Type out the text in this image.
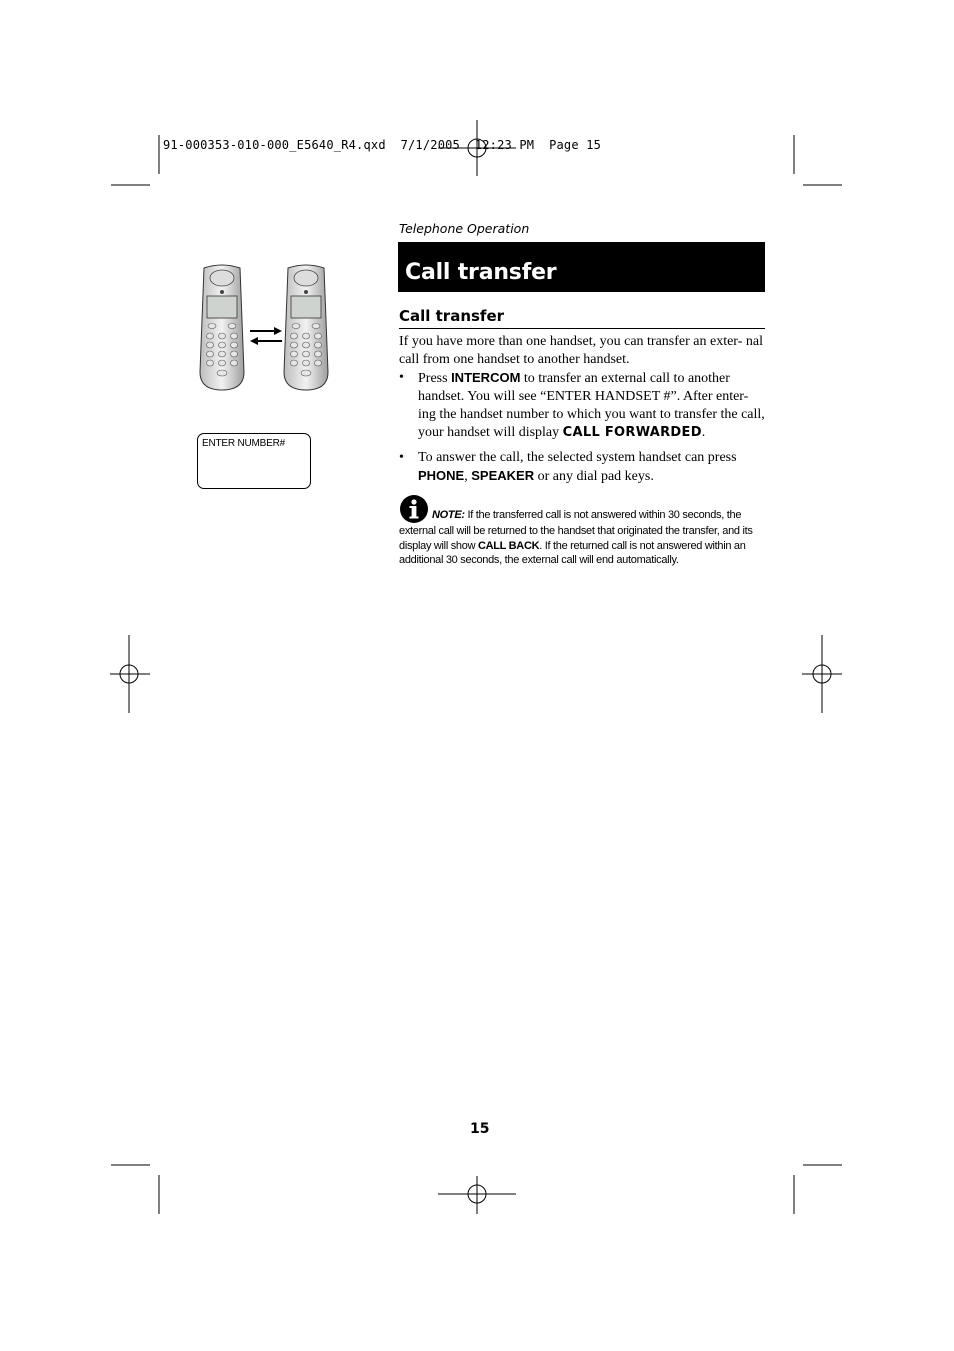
91-000353-010-000_E5640_R4.qxd  7/1/2005  12:23 PM  Page 15
ENTER NUMBER#
Telephone Operation
Call transfer
Call transfer

If you have more than one handset, you can transfer an exter- nal call from one handset to another handset.

• Press INTERCOM to transfer an external call to another handset. You will see “ENTER HANDSET #”. After enter- ing the handset number to which you want to transfer the call, your handset will display CALL FORWARDED.
• To answer the call, the selected system handset can press PHONE, SPEAKER or any dial pad keys.
NOTE: If the transferred call is not answered within 30 seconds, the external call will be returned to the handset that originated the transfer, and its display will show CALL BACK. If the returned call is not answered within an additional 30 seconds, the external call will end automatically.
15
